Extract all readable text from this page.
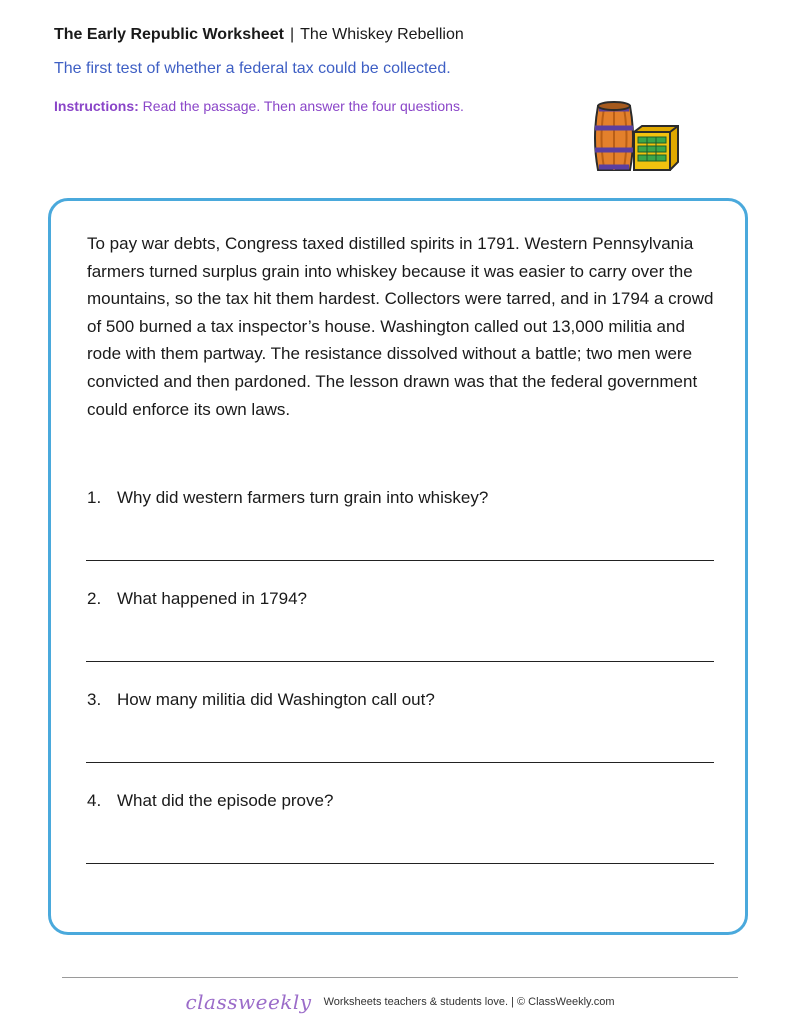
The Early Republic Worksheet | The Whiskey Rebellion
The first test of whether a federal tax could be collected.
Instructions: Read the passage. Then answer the four questions.

To pay war debts, Congress taxed distilled spirits in 1791. Western Pennsylvania farmers turned surplus grain into whiskey because it was easier to carry over the mountains, so the tax hit them hardest. Collectors were tarred, and in 1794 a crowd of 500 burned a tax inspector’s house. Washington called out 13,000 militia and rode with them partway. The resistance dissolved without a battle; two men were convicted and then pardoned. The lesson drawn was that the federal government could enforce its own laws.

1. Why did western farmers turn grain into whiskey?
2. What happened in 1794?
3. How many militia did Washington call out?
4. What did the episode prove?
classweekly Worksheets teachers & students love. | © ClassWeekly.com
